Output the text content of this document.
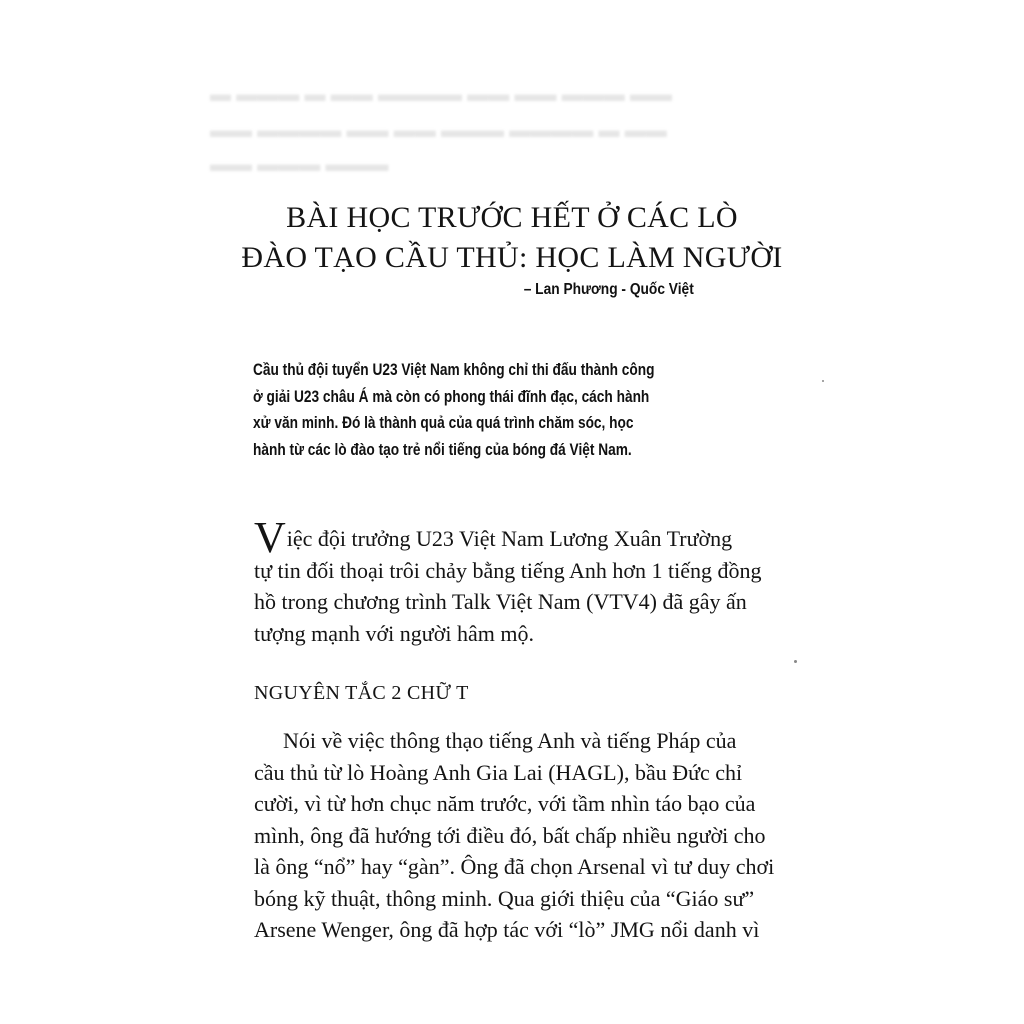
▬ ▬▬▬ ▬ ▬▬ ▬▬▬▬ ▬▬ ▬▬ ▬▬▬ ▬▬
▬▬ ▬▬▬▬ ▬▬ ▬▬ ▬▬▬ ▬▬▬▬ ▬ ▬▬
▬▬ ▬▬▬ ▬▬▬
BÀI HỌC TRƯỚC HẾT Ở CÁC LÒ
ĐÀO TẠO CẦU THỦ: HỌC LÀM NGƯỜI
– Lan Phương - Quốc Việt
Cầu thủ đội tuyển U23 Việt Nam không chỉ thi đấu thành công
ở giải U23 châu Á mà còn có phong thái đĩnh đạc, cách hành
xử văn minh. Đó là thành quả của quá trình chăm sóc, học
hành từ các lò đào tạo trẻ nổi tiếng của bóng đá Việt Nam.
Việc đội trưởng U23 Việt Nam Lương Xuân Trường
tự tin đối thoại trôi chảy bằng tiếng Anh hơn 1 tiếng đồng
hồ trong chương trình Talk Việt Nam (VTV4) đã gây ấn
tượng mạnh với người hâm mộ.
NGUYÊN TẮC 2 CHỮ T
Nói về việc thông thạo tiếng Anh và tiếng Pháp của
cầu thủ từ lò Hoàng Anh Gia Lai (HAGL), bầu Đức chỉ
cười, vì từ hơn chục năm trước, với tầm nhìn táo bạo của
mình, ông đã hướng tới điều đó, bất chấp nhiều người cho
là ông “nổ” hay “gàn”. Ông đã chọn Arsenal vì tư duy chơi
bóng kỹ thuật, thông minh. Qua giới thiệu của “Giáo sư”
Arsene Wenger, ông đã hợp tác với “lò” JMG nổi danh vì
